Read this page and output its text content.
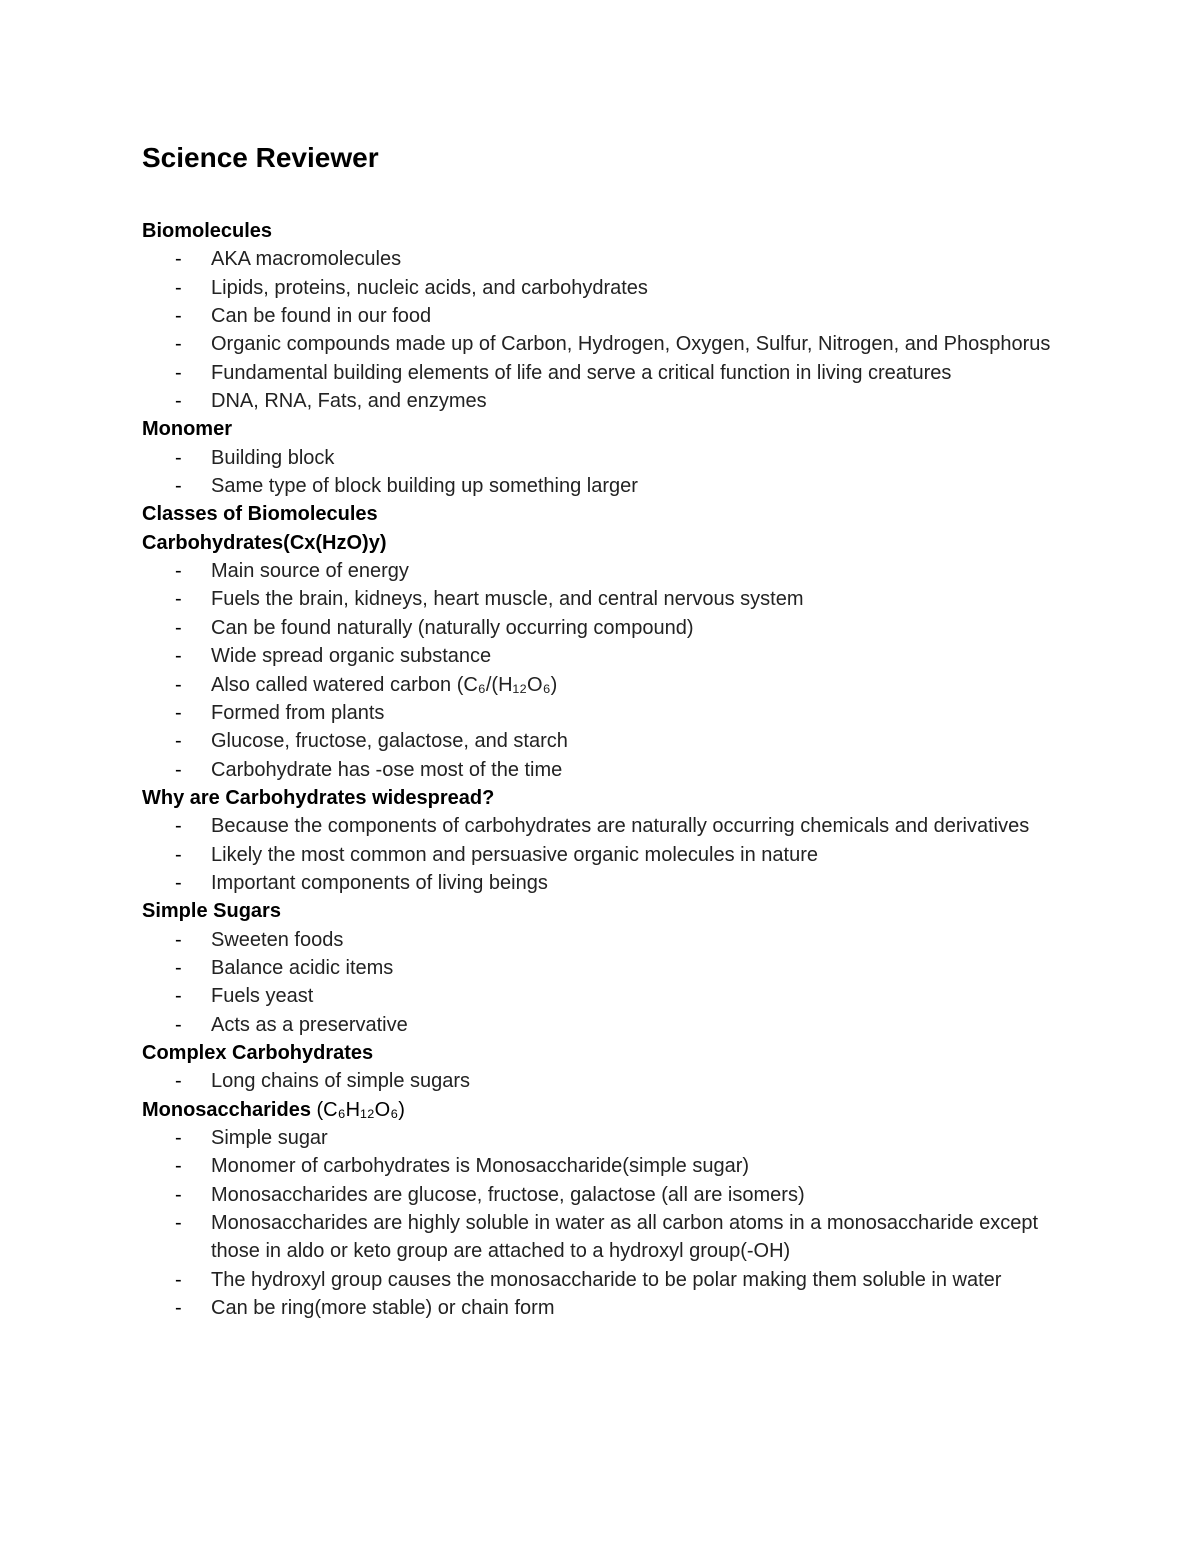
Science Reviewer
Biomolecules
-	AKA macromolecules
-	Lipids, proteins, nucleic acids, and carbohydrates
-	Can be found in our food
-	Organic compounds made up of Carbon, Hydrogen, Oxygen, Sulfur, Nitrogen, and Phosphorus
-	Fundamental building elements of life and serve a critical function in living creatures
-	DNA, RNA, Fats, and enzymes
Monomer
-	Building block
-	Same type of block building up something larger
Classes of Biomolecules
Carbohydrates(Cx(HzO)y)
-	Main source of energy
-	Fuels the brain, kidneys, heart muscle, and central nervous system
-	Can be found naturally (naturally occurring compound)
-	Wide spread organic substance
-	Also called watered carbon (C₆/(H₁₂O₆)
-	Formed from plants
-	Glucose, fructose, galactose, and starch
-	Carbohydrate has -ose most of the time
Why are Carbohydrates widespread?
-	Because the components of carbohydrates are naturally occurring chemicals and derivatives
-	Likely the most common and persuasive organic molecules in nature
-	Important components of living beings
Simple Sugars
-	Sweeten foods
-	Balance acidic items
-	Fuels yeast
-	Acts as a preservative
Complex Carbohydrates
-	Long chains of simple sugars
Monosaccharides (C₆H₁₂O₆)
-	Simple sugar
-	Monomer of carbohydrates is Monosaccharide(simple sugar)
-	Monosaccharides are glucose, fructose, galactose (all are isomers)
-	Monosaccharides are highly soluble in water as all carbon atoms in a monosaccharide except those in aldo or keto group are attached to a hydroxyl group(-OH)
-	The hydroxyl group causes the monosaccharide to be polar making them soluble in water
-	Can be ring(more stable) or chain form
